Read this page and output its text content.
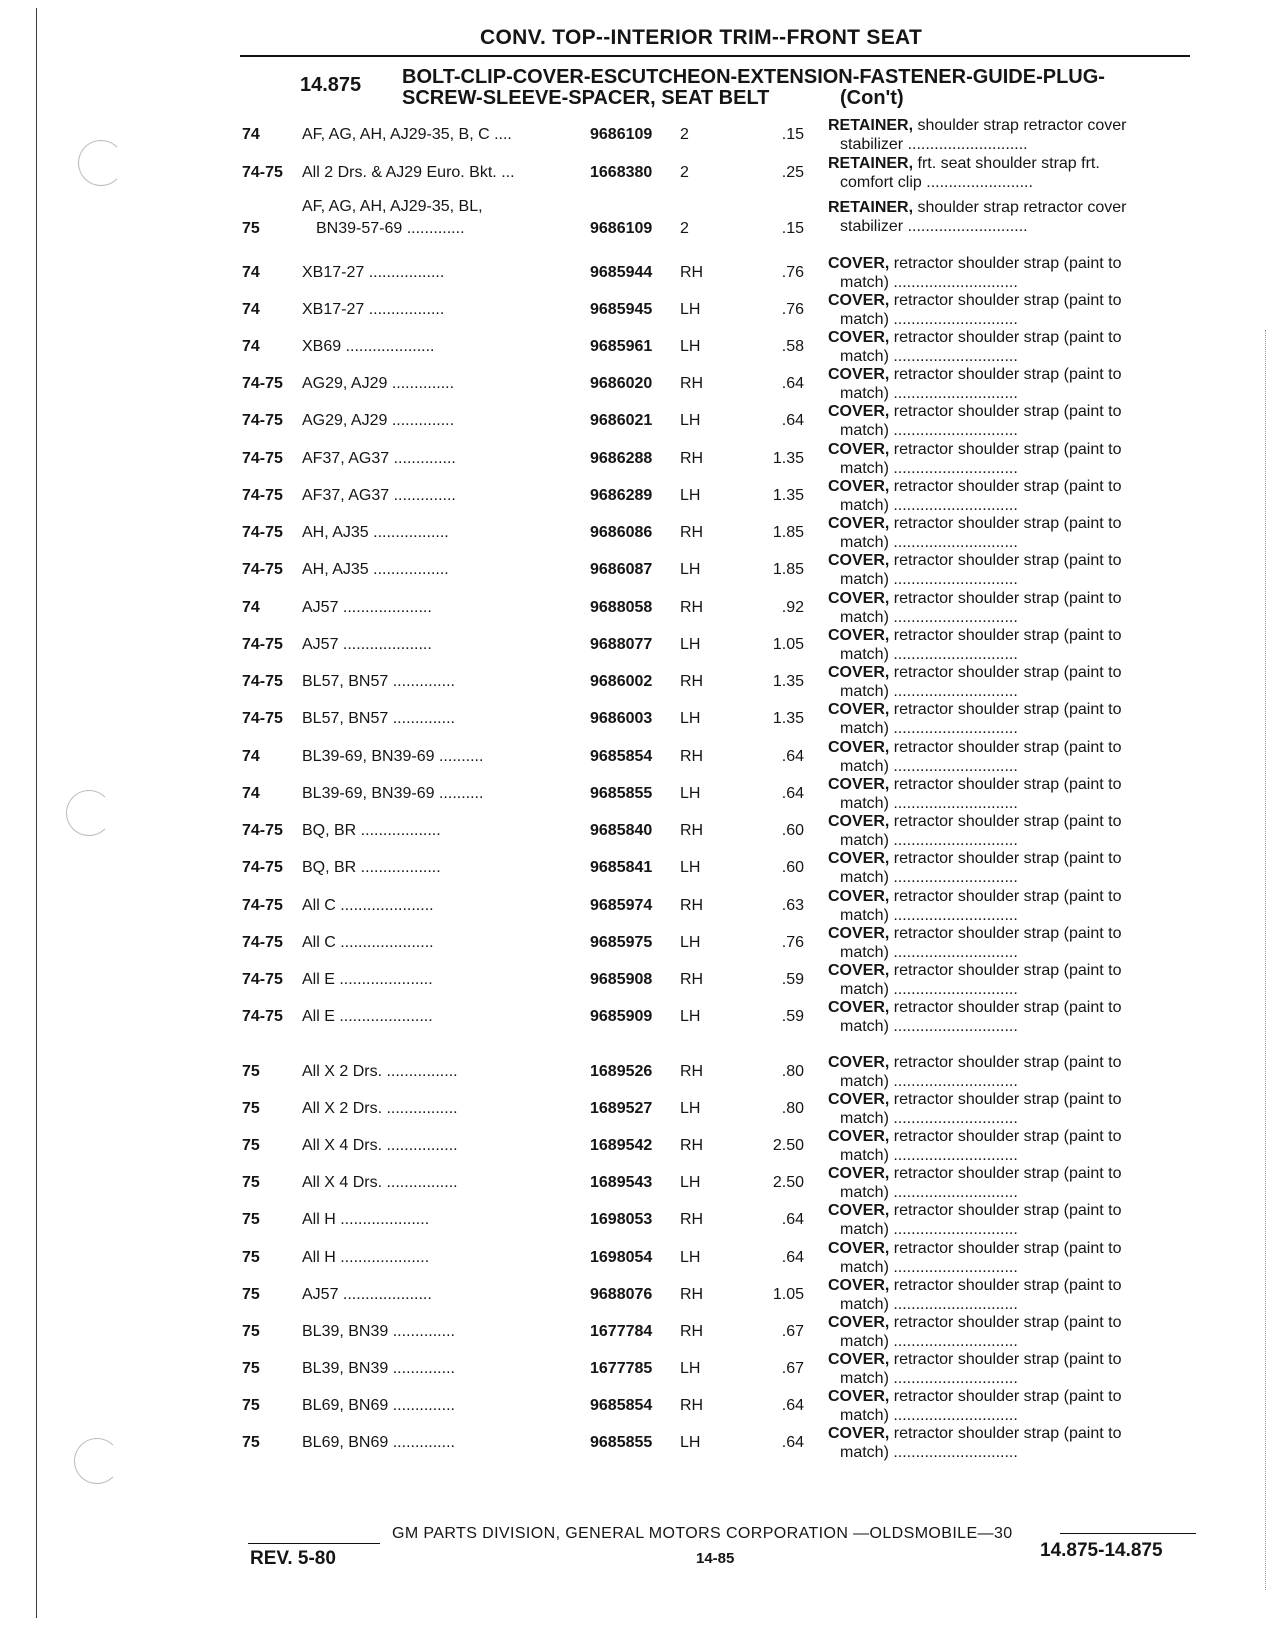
CONV. TOP--INTERIOR TRIM--FRONT SEAT
14.875 BOLT-CLIP-COVER-ESCUTCHEON-EXTENSION-FASTENER-GUIDE-PLUG-
SCREW-SLEEVE-SPACER, SEAT BELT	(Con't)
74	AF, AG, AH, AJ29-35, B, C ....	9686109 2	.15
RETAINER, shoulder strap retractor cover
stabilizer ...........................
74-75 All 2 Drs. & AJ29 Euro. Bkt. ...	1668380 2	.25
RETAINER, frt. seat shoulder strap frt.
comfort clip ........................
75
AF, AG, AH, AJ29-35, BL,
BN39-57-69 .............	9686109 2	.15
RETAINER, shoulder strap retractor cover
stabilizer ...........................
74	XB17-27 .................	9685944 RH	.76
COVER, retractor shoulder strap (paint to
match) ............................
74	XB17-27 .................	9685945 LH	.76
COVER, retractor shoulder strap (paint to
match) ............................
74	XB69 ....................	9685961 LH	.58
COVER, retractor shoulder strap (paint to
match) ............................
74-75 AG29, AJ29 ..............	9686020 RH	.64
COVER, retractor shoulder strap (paint to
match) ............................
74-75 AG29, AJ29 ..............	9686021 LH	.64
COVER, retractor shoulder strap (paint to
match) ............................
74-75 AF37, AG37 ..............	9686288 RH	1.35
COVER, retractor shoulder strap (paint to
match) ............................
74-75 AF37, AG37 ..............	9686289 LH	1.35
COVER, retractor shoulder strap (paint to
match) ............................
74-75 AH, AJ35 .................	9686086 RH	1.85
COVER, retractor shoulder strap (paint to
match) ............................
74-75 AH, AJ35 .................	9686087 LH	1.85
COVER, retractor shoulder strap (paint to
match) ............................
74	AJ57 ....................	9688058 RH	.92
COVER, retractor shoulder strap (paint to
match) ............................
74-75 AJ57 ....................	9688077 LH	1.05
COVER, retractor shoulder strap (paint to
match) ............................
74-75 BL57, BN57 ..............	9686002 RH	1.35
COVER, retractor shoulder strap (paint to
match) ............................
74-75 BL57, BN57 ..............	9686003 LH	1.35
COVER, retractor shoulder strap (paint to
match) ............................
74	BL39-69, BN39-69 ..........	9685854 RH	.64
COVER, retractor shoulder strap (paint to
match) ............................
74	BL39-69, BN39-69 ..........	9685855 LH	.64
COVER, retractor shoulder strap (paint to
match) ............................
74-75 BQ, BR ..................	9685840 RH	.60
COVER, retractor shoulder strap (paint to
match) ............................
74-75 BQ, BR ..................	9685841 LH	.60
COVER, retractor shoulder strap (paint to
match) ............................
74-75 All C .....................	9685974 RH	.63
COVER, retractor shoulder strap (paint to
match) ............................
74-75 All C .....................	9685975 LH	.76
COVER, retractor shoulder strap (paint to
match) ............................
74-75 All E .....................	9685908 RH	.59
COVER, retractor shoulder strap (paint to
match) ............................
74-75 All E .....................	9685909 LH	.59
COVER, retractor shoulder strap (paint to
match) ............................
75	All X 2 Drs. ................	1689526 RH	.80
COVER, retractor shoulder strap (paint to
match) ............................
75	All X 2 Drs. ................	1689527 LH	.80
COVER, retractor shoulder strap (paint to
match) ............................
75	All X 4 Drs. ................	1689542 RH	2.50
COVER, retractor shoulder strap (paint to
match) ............................
75	All X 4 Drs. ................	1689543 LH	2.50
COVER, retractor shoulder strap (paint to
match) ............................
75	All H ....................	1698053 RH	.64
COVER, retractor shoulder strap (paint to
match) ............................
75	All H ....................	1698054 LH	.64
COVER, retractor shoulder strap (paint to
match) ............................
75	AJ57 ....................	9688076 RH	1.05
COVER, retractor shoulder strap (paint to
match) ............................
75	BL39, BN39 ..............	1677784 RH	.67
COVER, retractor shoulder strap (paint to
match) ............................
75	BL39, BN39 ..............	1677785 LH	.67
COVER, retractor shoulder strap (paint to
match) ............................
75	BL69, BN69 ..............	9685854 RH	.64
COVER, retractor shoulder strap (paint to
match) ............................
75	BL69, BN69 ..............	9685855 LH	.64
COVER, retractor shoulder strap (paint to
match) ............................
GM PARTS DIVISION, GENERAL MOTORS CORPORATION —OLDSMOBILE—30
14-85
REV. 5-80	14.875-14.875
